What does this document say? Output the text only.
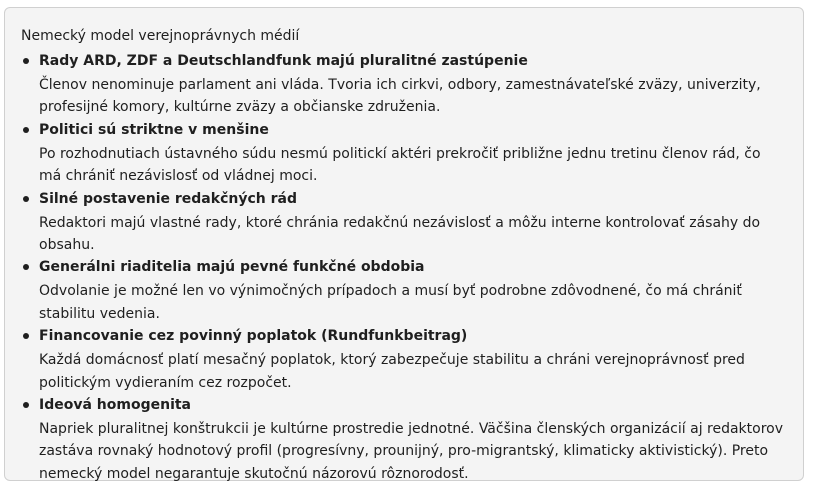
Nemecký model verejnoprávnych médií
Rady ARD, ZDF a Deutschlandfunk majú pluralitné zastúpenie
Členov nenominuje parlament ani vláda. Tvoria ich cirkvi, odbory, zamestnávateľské zväzy, univerzity, profesijné komory, kultúrne zväzy a občianske združenia.
Politici sú striktne v menšine
Po rozhodnutiach ústavného súdu nesmú politickí aktéri prekročiť približne jednu tretinu členov rád, čo má chrániť nezávislosť od vládnej moci.
Silné postavenie redakčných rád
Redaktori majú vlastné rady, ktoré chránia redakčnú nezávislosť a môžu interne kontrolovať zásahy do obsahu.
Generálni riaditelia majú pevné funkčné obdobia
Odvolanie je možné len vo výnimočných prípadoch a musí byť podrobne zdôvodnené, čo má chrániť stabilitu vedenia.
Financovanie cez povinný poplatok (Rundfunkbeitrag)
Každá domácnosť platí mesačný poplatok, ktorý zabezpečuje stabilitu a chráni verejnoprávnosť pred politickým vydieraním cez rozpočet.
Ideová homogenita
Napriek pluralitnej konštrukcii je kultúrne prostredie jednotné. Väčšina členských organizácií aj redaktorov zastáva rovnaký hodnotový profil (progresívny, prounijný, pro-migrantský, klimaticky aktivistický). Preto nemecký model negarantuje skutočnú názorovú rôznorodosť.
